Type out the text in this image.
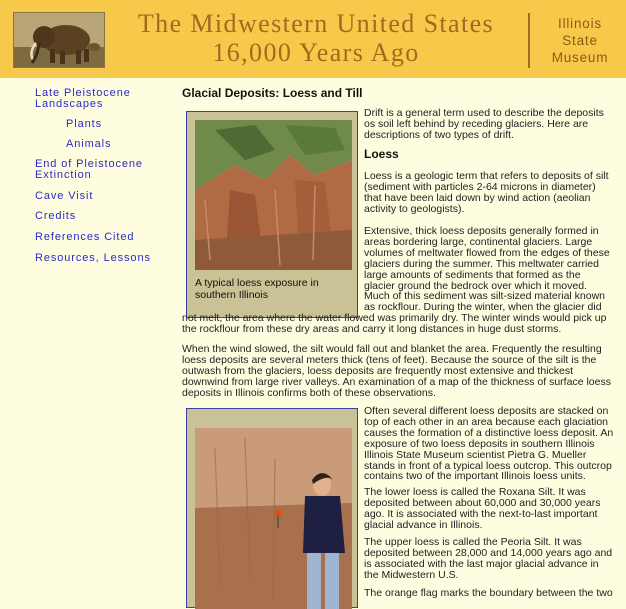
The Midwestern United States
16,000 Years Ago
Illinois
State
Museum
Late Pleistocene Landscapes
Plants
Animals
End of Pleistocene Extinction
Cave Visit
Credits
References Cited
Resources, Lessons
Glacial Deposits: Loess and Till
A typical loess exposure in southern Illinois
Drift is a general term used to describe the deposits os soil left behind by receding glaciers. Here are descriptions of two types of drift.
Loess
Loess is a geologic term that refers to deposits of silt (sediment with particles 2-64 microns in diameter) that have been laid down by wind action (aeolian activity to geologists).
Extensive, thick loess deposits generally formed in areas bordering large, continental glaciers. Large volumes of meltwater flowed from the edges of these glaciers during the summer. This meltwater carried large amounts of sediments that formed as the glacier ground the bedrock over which it moved. Much of this sediment was silt-sized material known as rockflour. During the winter, when the glacier did not melt, the area where the water flowed was primarily dry. The winter winds would pick up the rockflour from these dry areas and carry it long distances in huge dust storms.
When the wind slowed, the silt would fall out and blanket the area. Frequently the resulting loess deposits are several meters thick (tens of feet). Because the source of the silt is the outwash from the glaciers, loess deposits are frequently most extensive and thickest downwind from large river valleys. An examination of a map of the thickness of surface loess deposits in Illinois confirms both of these observations.
Often several different loess deposits are stacked on top of each other in an area because each glaciation causes the formation of a distinctive loess deposit. An exposure of two loess deposits in southern Illinois Illinois State Museum scientist Pietra G. Mueller stands in front of a typical loess outcrop. This outcrop contains two of the important Illinois loess units.
The lower loess is called the Roxana Silt. It was deposited between about 60,000 and 30,000 years ago. It is associated with the next-to-last important glacial advance in Illinois.
The upper loess is called the Peoria Silt. It was deposited between 28,000 and 14,000 years ago and is associated with the last major glacial advance in the Midwestern U.S.
The orange flag marks the boundary between the two
